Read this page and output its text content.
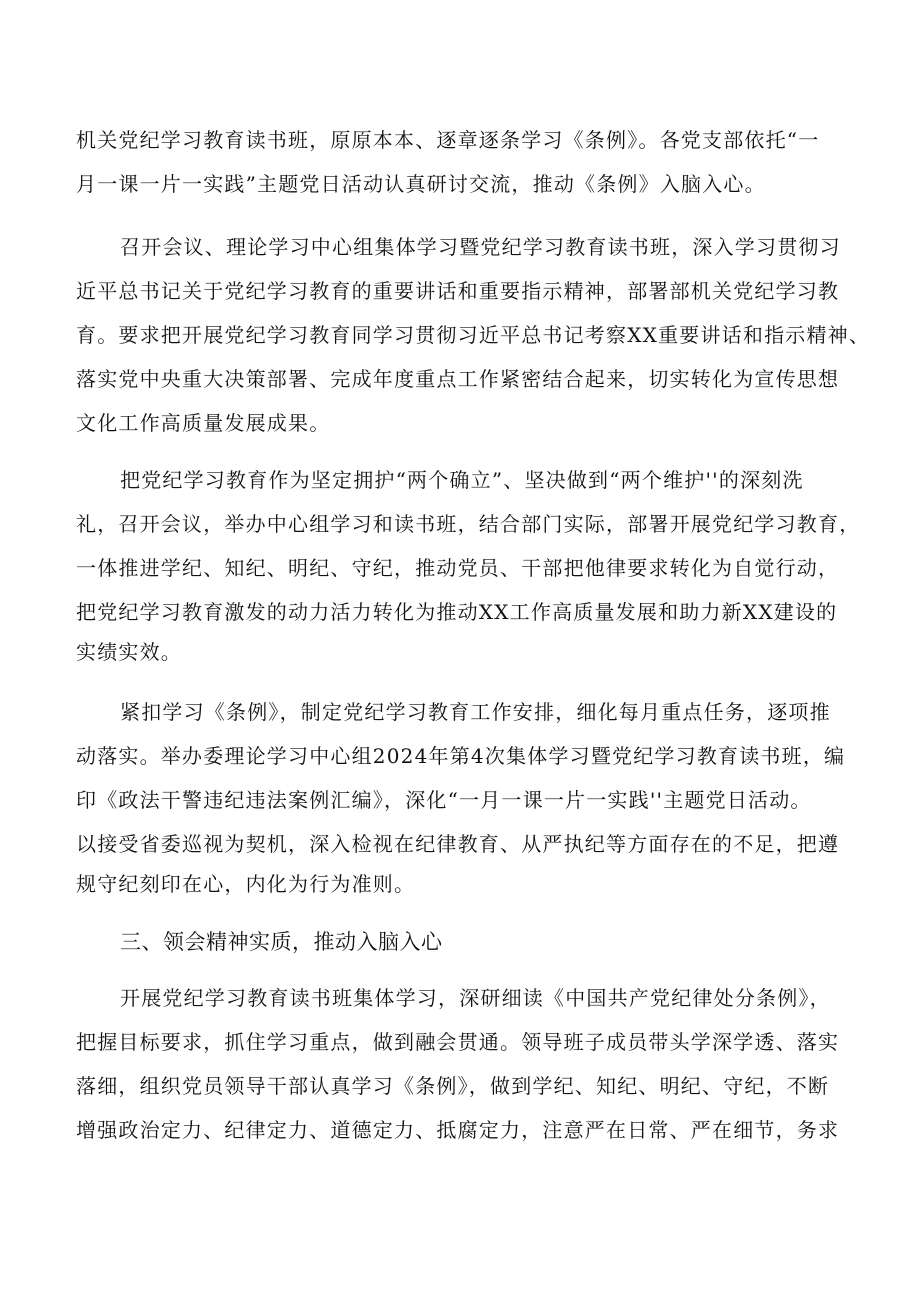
机关党纪学习教育读书班，原原本本、逐章逐条学习《条例》。各党支部依托“一
月一课一片一实践”主题党日活动认真研讨交流，推动《条例》入脑入心。
召开会议、理论学习中心组集体学习暨党纪学习教育读书班，深入学习贯彻习
近平总书记关于党纪学习教育的重要讲话和重要指示精神，部署部机关党纪学习教
育。要求把开展党纪学习教育同学习贯彻习近平总书记考察XX重要讲话和指示精神、
落实党中央重大决策部署、完成年度重点工作紧密结合起来，切实转化为宣传思想
文化工作高质量发展成果。
把党纪学习教育作为坚定拥护“两个确立”、坚决做到“两个维护''的深刻洗
礼，召开会议，举办中心组学习和读书班，结合部门实际，部署开展党纪学习教育，
一体推进学纪、知纪、明纪、守纪，推动党员、干部把他律要求转化为自觉行动，
把党纪学习教育激发的动力活力转化为推动XX工作高质量发展和助力新XX建设的
实绩实效。
紧扣学习《条例》，制定党纪学习教育工作安排，细化每月重点任务，逐项推
动落实。举办委理论学习中心组2024年第4次集体学习暨党纪学习教育读书班，编
印《政法干警违纪违法案例汇编》，深化“一月一课一片一实践''主题党日活动。
以接受省委巡视为契机，深入检视在纪律教育、从严执纪等方面存在的不足，把遵
规守纪刻印在心，内化为行为准则。
三、领会精神实质，推动入脑入心
开展党纪学习教育读书班集体学习，深研细读《中国共产党纪律处分条例》，
把握目标要求，抓住学习重点，做到融会贯通。领导班子成员带头学深学透、落实
落细，组织党员领导干部认真学习《条例》，做到学纪、知纪、明纪、守纪，不断
增强政治定力、纪律定力、道德定力、抵腐定力，注意严在日常、严在细节，务求
